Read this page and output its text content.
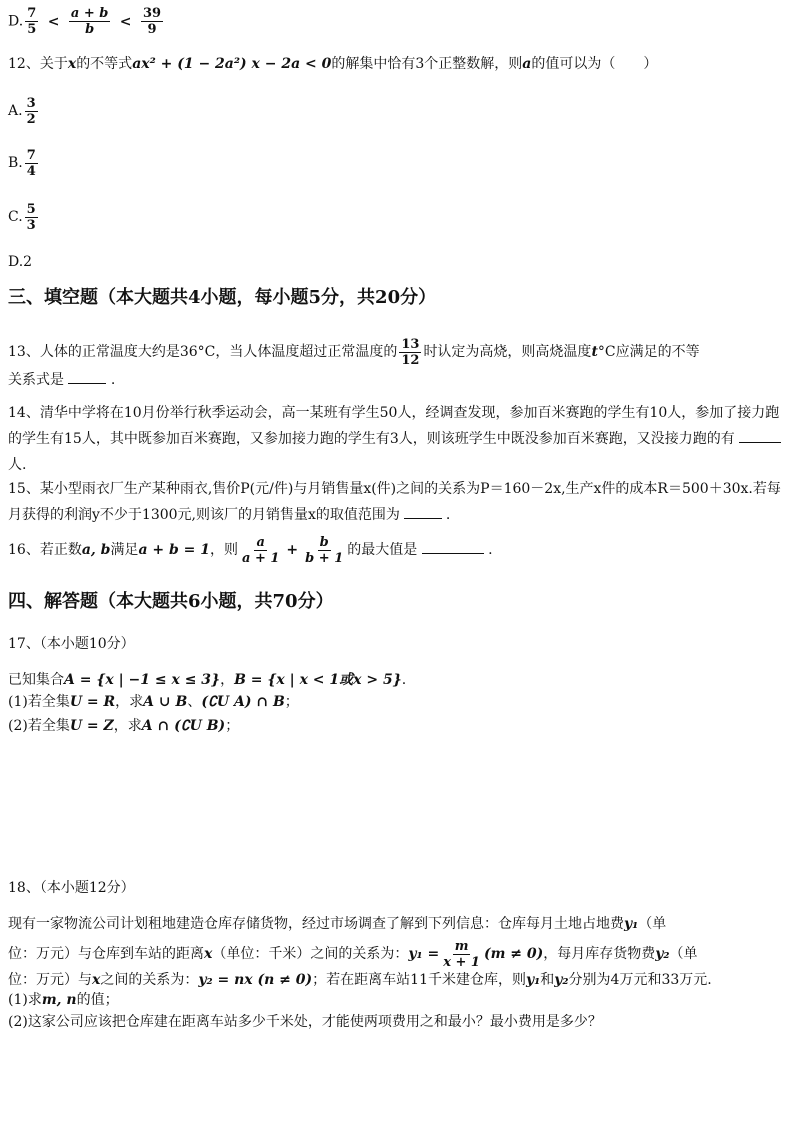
D. $\frac{7}{5} < \frac{a + b}{b} < \frac{39}{9}$
12、关于x的不等式ax² + (1 − 2a²) x − 2a < 0的解集中恰有3个正整数解，则a的值可以为（　　）
A. $\frac{3}{2}$
B. $\frac{7}{4}$
C. $\frac{5}{3}$
D.2
三、填空题（本大题共4小题，每小题5分，共20分）
13、人体的正常温度大约是36°C，当人体温度超过正常温度的 $\frac{13}{12}$ 时认定为高烧，则高烧温度t°C应满足的不等
关系式是	.
14、清华中学将在10月份举行秋季运动会，高一某班有学生50人，经调查发现，参加百米赛跑的学生有10人，参加了接力跑的学生有15人，其中既参加百米赛跑，又参加接力跑的学生有3人，则该班学生中既没参加百米赛跑，又没接力跑的有人.
15、某小型雨衣厂生产某种雨衣,售价P(元/件)与月销售量x(件)之间的关系为P＝160－2x,生产x件的成本R＝500＋30x.若每月获得的利润y不少于1300元,则该厂的月销售量x的取值范围为	.
16、若正数a, b满足a + b = 1，则 $\frac{a}{a + 1} + \frac{b}{b + 1}$ 的最大值是	.
四、解答题（本大题共6小题，共70分）
17、（本小题10分）
已知集合A = {x | −1 ≤ x ≤ 3}，B = {x | x < 1或x > 5}.
(1)若全集U = R，求A ∪ B、(∁U A) ∩ B；
(2)若全集U = Z，求A ∩ (∁U B)；
18、（本小题12分）
现有一家物流公司计划租地建造仓库存储货物，经过市场调查了解到下列信息：仓库每月土地占地费y₁（单
位：万元）与仓库到车站的距离x（单位：千米）之间的关系为：$y_1 = \frac{m}{x + 1} (m \ne 0)$，每月库存货物费y₂（单
位：万元）与x之间的关系为：y₂ = nx (n ≠ 0)；若在距离车站11千米建仓库，则y₁和y₂分别为4万元和33万元.
(1)求m, n的值；
(2)这家公司应该把仓库建在距离车站多少千米处，才能使两项费用之和最小？最小费用是多少？
